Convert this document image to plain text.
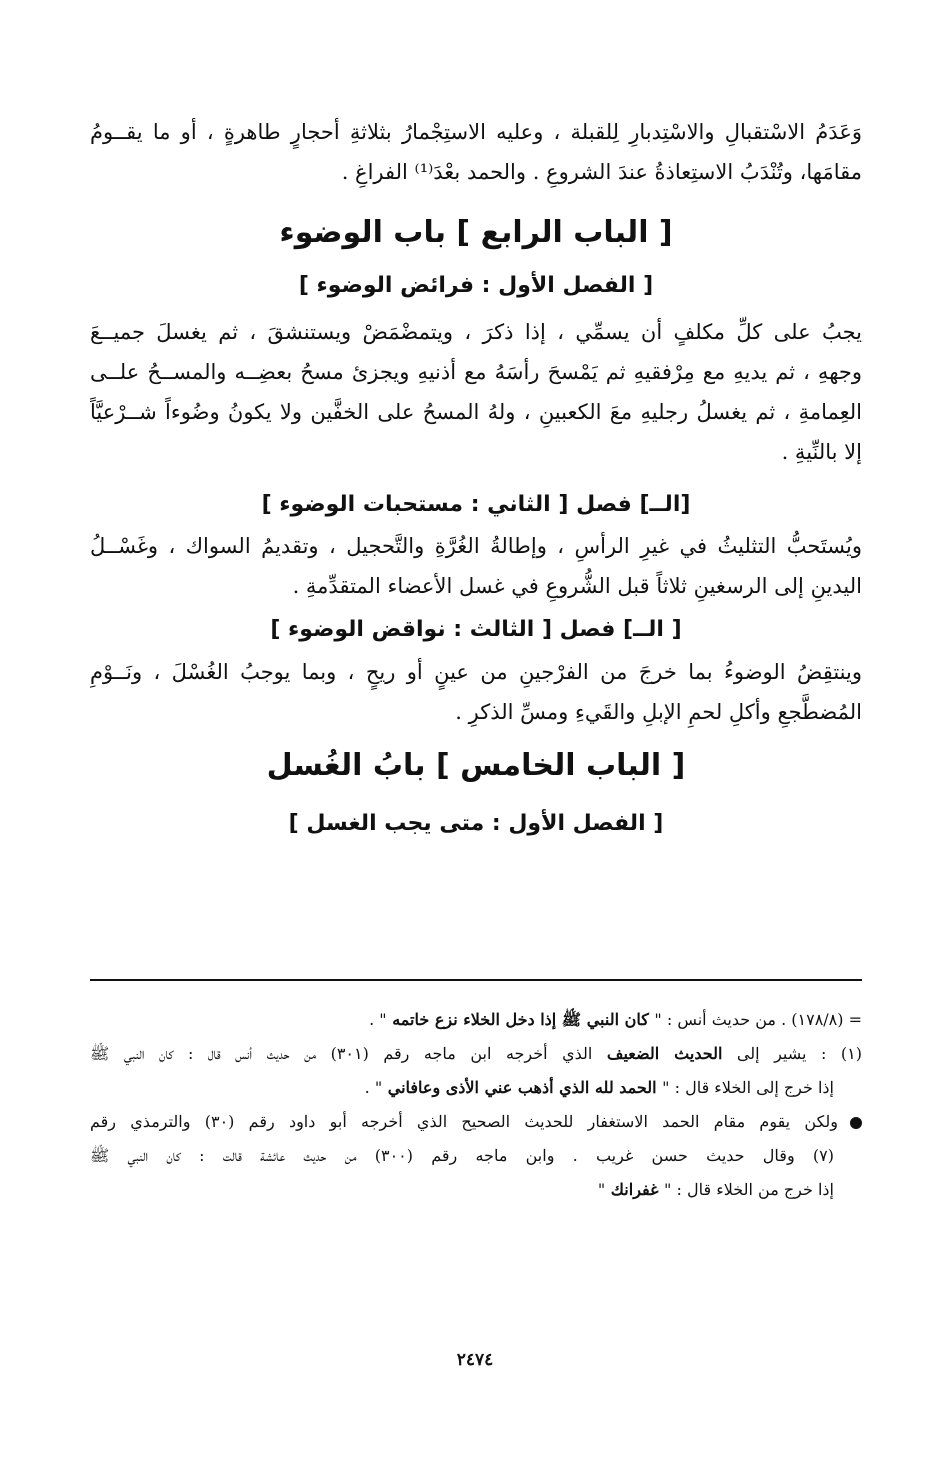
وَعَدَمُ الاسْتقبالِ والاسْتِدبارِ لِلقبلة ، وعليه الاستِجْمارُ بثلاثةِ أحجارٍ طاهرةٍ ، أو ما يقــومُ
مقامَها، وتُنْدَبُ الاستِعاذةُ عندَ الشروعِ . والحمد بعْدَ⁽¹⁾ الفراغِ .

[ الباب الرابع ] باب الوضوء
[ الفصل الأول : فرائض الوضوء ]

يجبُ على كلِّ مكلفٍ أن يسمِّي ، إذا ذكرَ ، ويتمضْمَضْ ويستنشقَ ، ثم يغسلَ جميــعَ
وجههِ ، ثم يديهِ مع مِرْفقيهِ ثم يَمْسحَ رأسَهُ مع أذنيهِ ويجزئ مسحُ بعضِــه والمســحُ علــى
العِمامةِ ، ثم يغسلُ رجليهِ معَ الكعبينِ ، ولهُ المسحُ على الخفَّين ولا يكونُ وضُوءاً شــرْعيَّاً
إلا بالنِّيةِ .

[الــ] فصل [ الثاني : مستحبات الوضوء ]

ويُستَحبُّ التثليثُ في غيرِ الرأسِ ، وإطالةُ الغُرَّةِ والتَّحجيل ، وتقديمُ السواك ، وغَسْــلُ
اليدينِ إلى الرسغينِ ثلاثاً قبل الشُّروعِ في غسل الأعضاء المتقدِّمةِ .

[ الــ] فصل [ الثالث : نواقض الوضوء ]

وينتقِضُ الوضوءُ بما خرجَ من الفرْجينِ من عينٍ أو ريحٍ ، وبما يوجبُ الغُسْلَ ، ونَــوْمِ
المُضطَّجعِ وأكلِ لحمِ الإبلِ والقَيءِ ومسِّ الذكرِ .

[ الباب الخامس ] بابُ الغُسل
[ الفصل الأول : متى يجب الغسل ]
= (١٧٨/٨) . من حديث أنس : " كان النبي ﷺ إذا دخل الخلاء نزع خاتمه " .
(١) : يشير إلى الحديث الضعيف الذي أخرجه ابن ماجه رقم (٣٠١) من حديث أنس قال : كان النبي ﷺ
إذا خرج إلى الخلاء قال : " الحمد لله الذي أذهب عني الأذى وعافاني " .
ولكن يقوم مقام الحمد الاستغفار للحديث الصحيح الذي أخرجه أبو داود رقم (٣٠) والترمذي رقم
(٧) وقال حديث حسن غريب . وابن ماجه رقم (٣٠٠) من حديث عائشة قالت : كان النبي ﷺ
إذا خرج من الخلاء قال : " غفرانك "
٢٤٧٤
